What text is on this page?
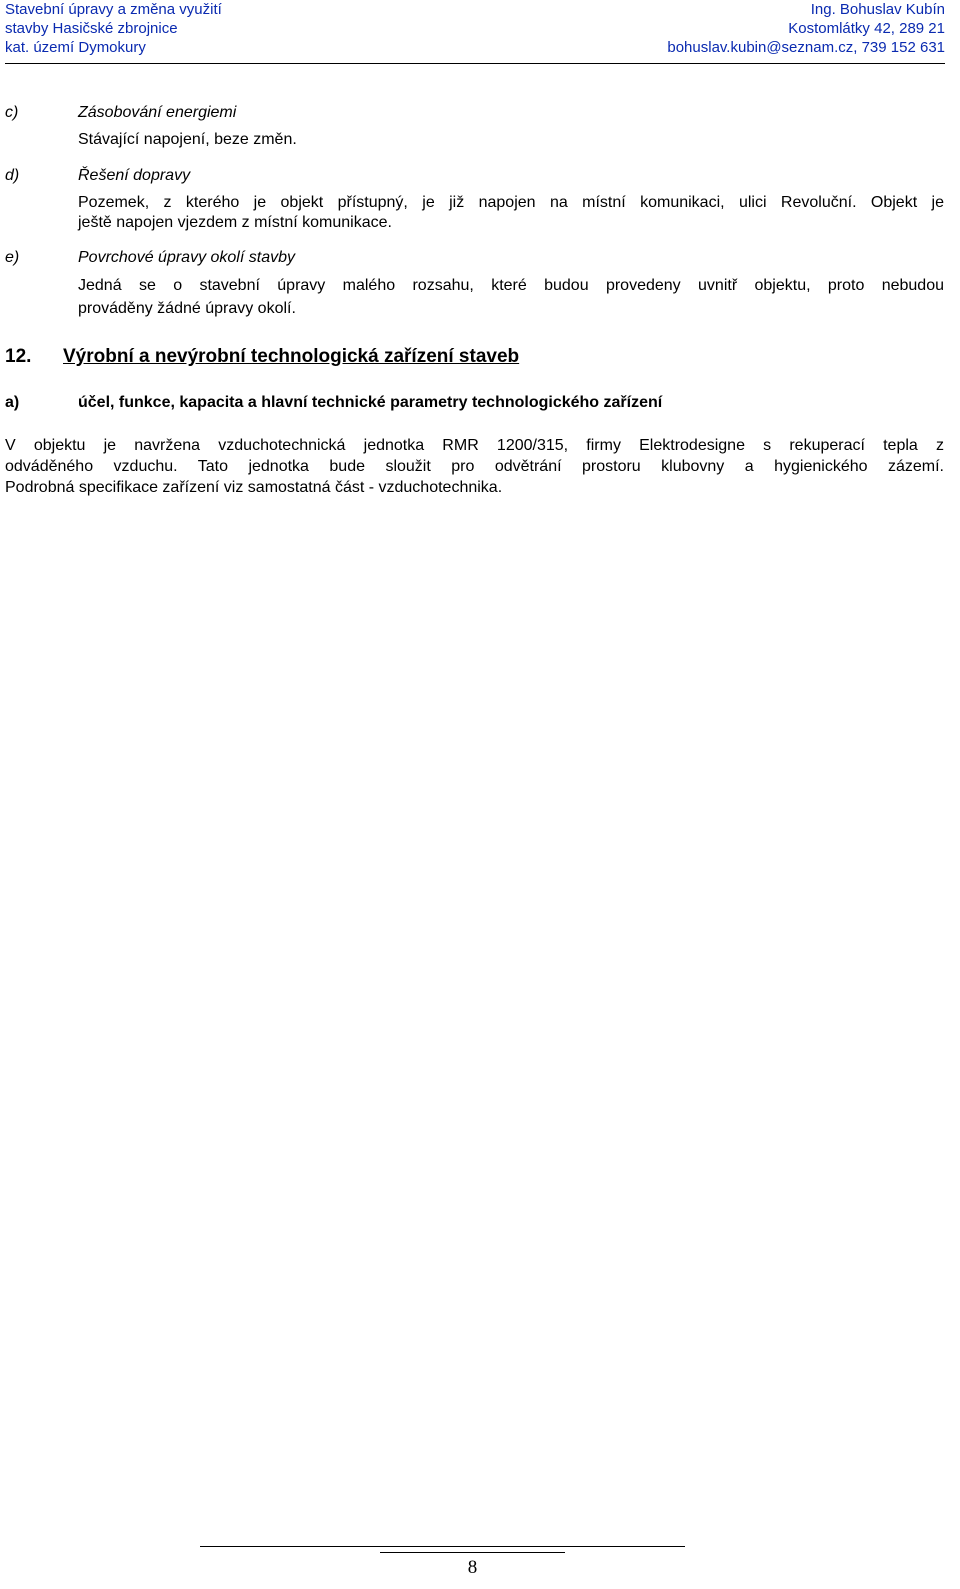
Stavební úpravy a změna využití
stavby Hasičské zbrojnice
kat. území Dymokury
Ing. Bohuslav Kubín
Kostomlátky 42, 289 21
bohuslav.kubin@seznam.cz, 739 152 631
c)	Zásobování energiemi
Stávající napojení, beze změn.
d)	Řešení dopravy
Pozemek, z kterého je objekt přístupný, je již napojen na místní komunikaci, ulici Revoluční. Objekt je
ještě napojen vjezdem z místní komunikace.
e)	Povrchové úpravy okolí stavby
Jedná se o stavební úpravy malého rozsahu, které budou provedeny uvnitř objektu, proto nebudou
prováděny žádné úpravy okolí.
12. Výrobní a nevýrobní technologická zařízení staveb
a)	účel, funkce, kapacita a hlavní technické parametry technologického zařízení
V objektu je navržena vzduchotechnická jednotka RMR 1200/315, firmy Elektrodesigne s rekuperací tepla z
odváděného vzduchu. Tato jednotka bude sloužit pro odvětrání prostoru klubovny a hygienického zázemí.
Podrobná specifikace zařízení viz samostatná část - vzduchotechnika.
8
